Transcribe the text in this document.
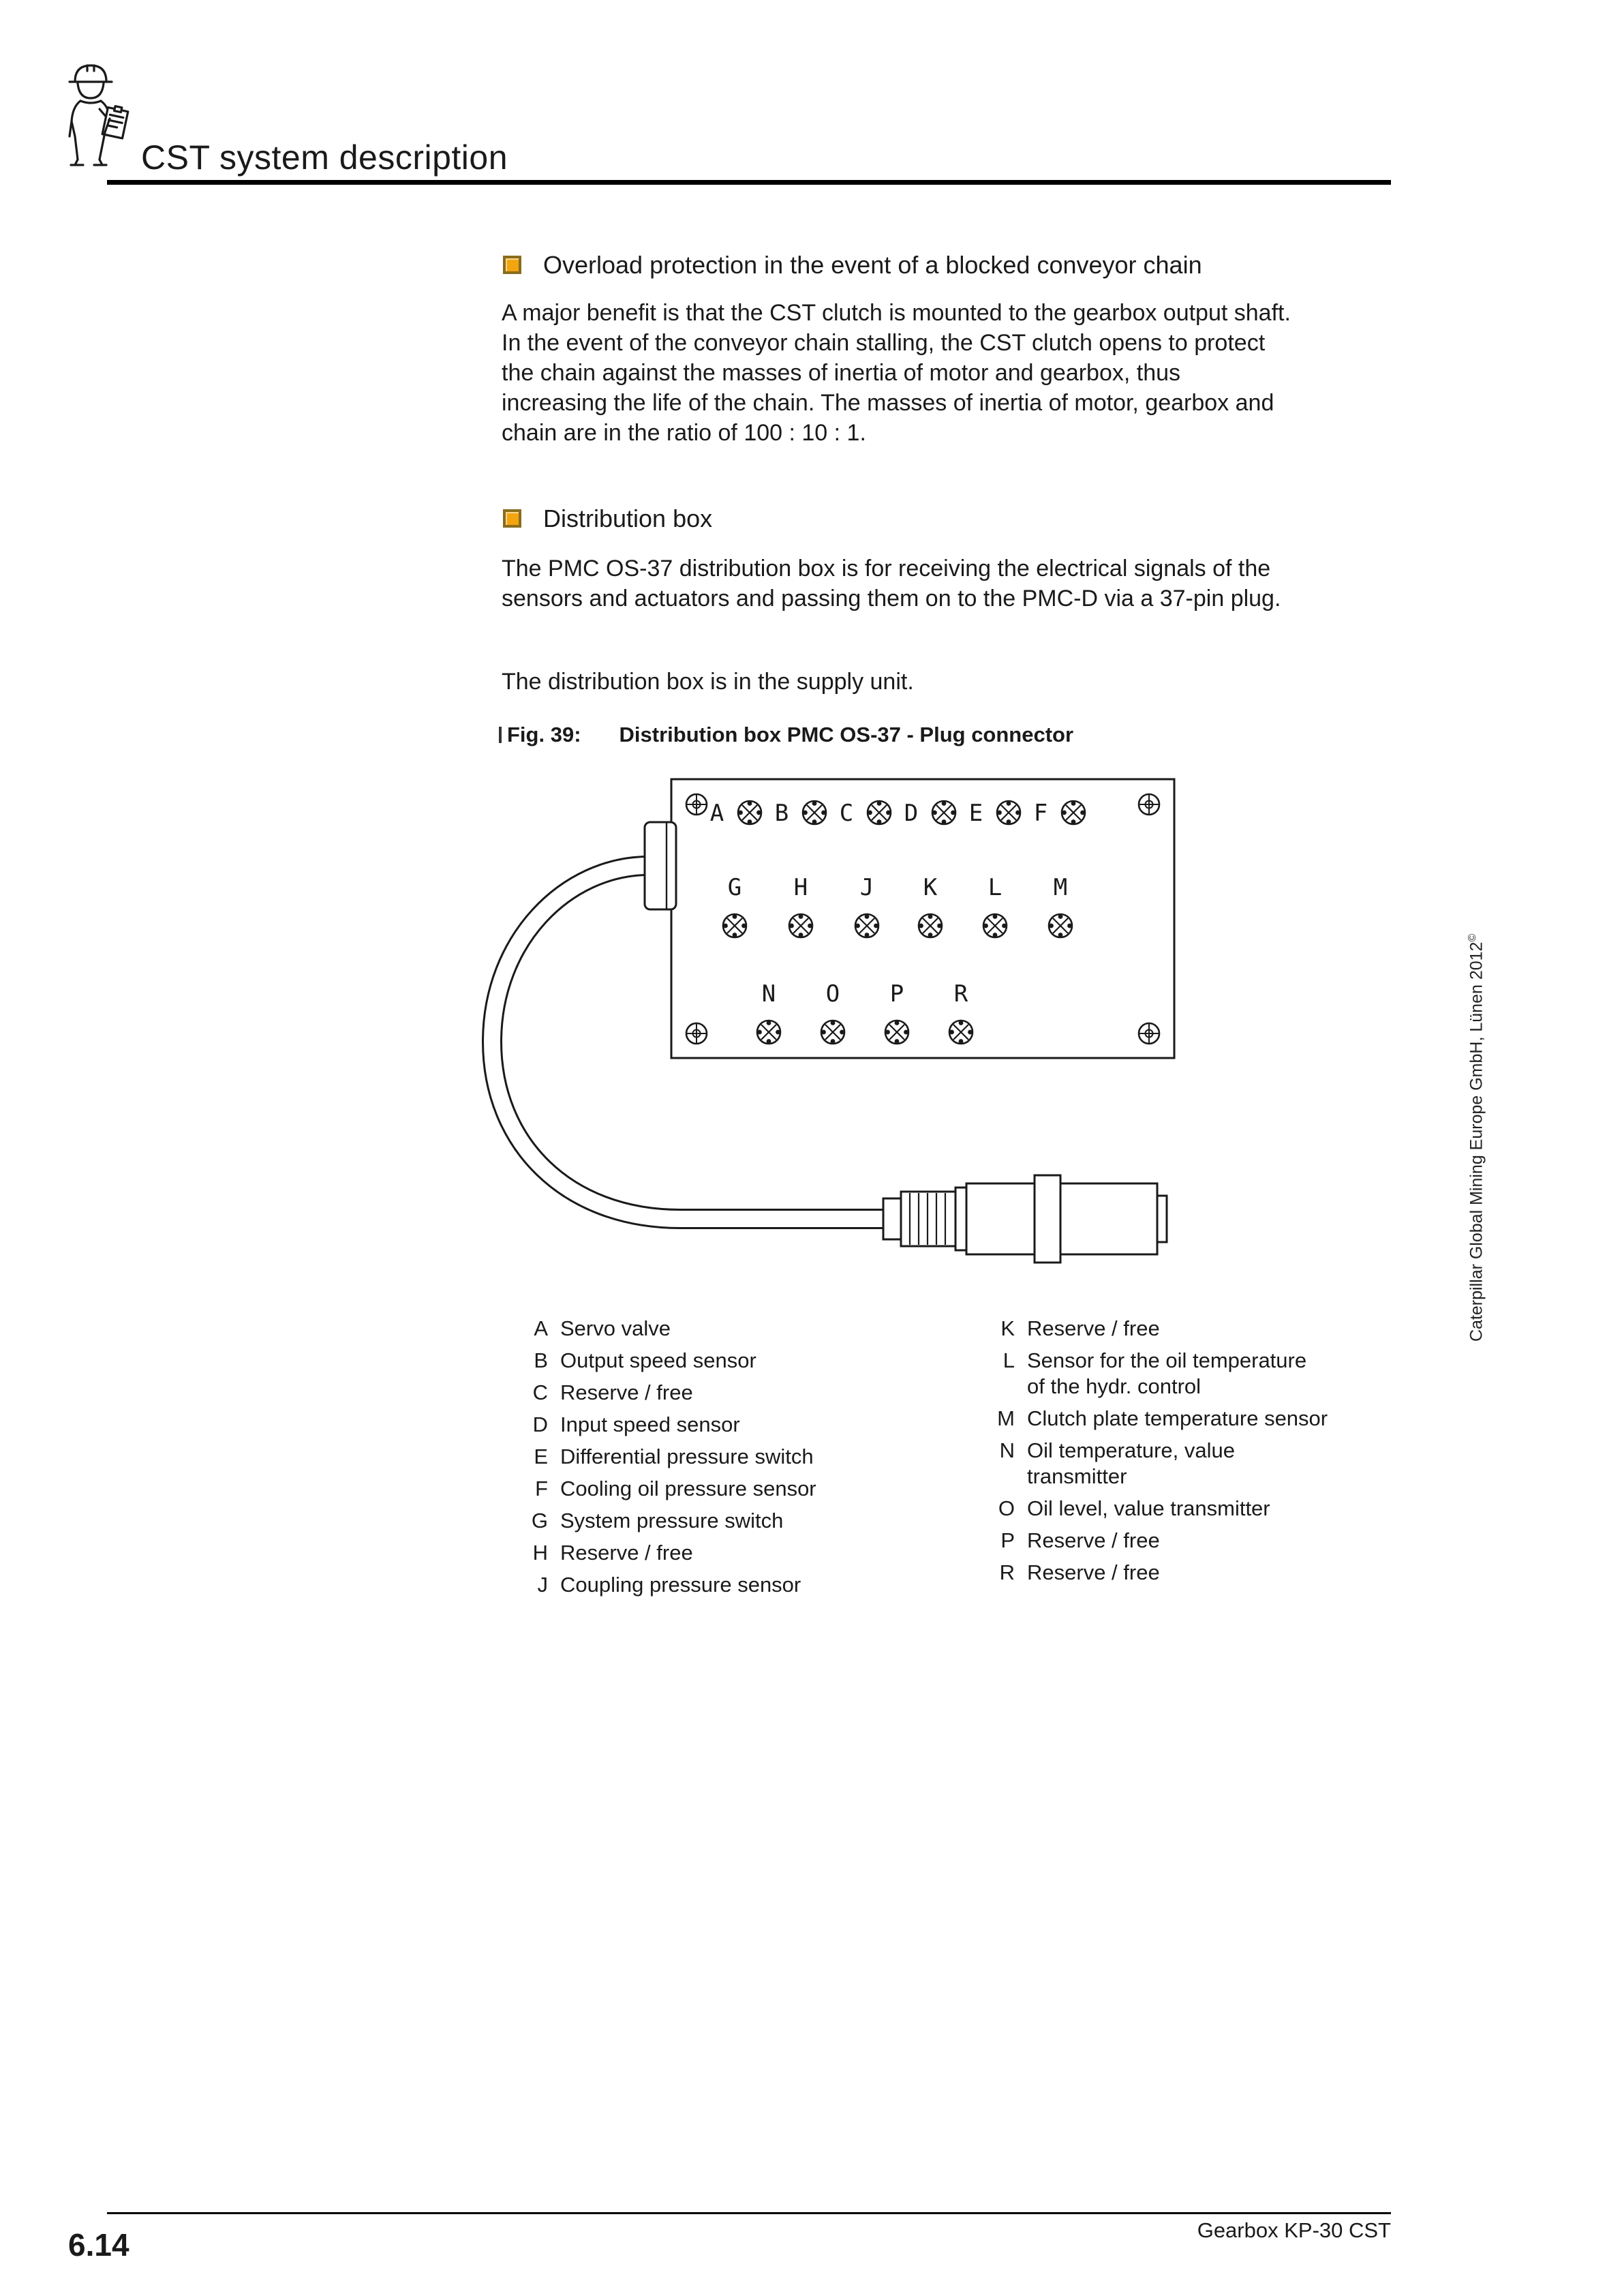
CST system description
Overload protection in the event of a blocked conveyor chain

A major benefit is that the CST clutch is mounted to the gearbox output shaft. In the event of the conveyor chain stalling, the CST clutch opens to protect the chain against the masses of inertia of motor and gearbox, thus increasing the life of the chain. The masses of inertia of motor, gearbox and chain are in the ratio of 100 : 10 : 1.

Distribution box

The PMC OS-37 distribution box is for receiving the electrical signals of the sensors and actuators and passing them on to the PMC-D via a 37-pin plug.

The distribution box is in the supply unit.

Fig. 39: Distribution box PMC OS-37 - Plug connector
A B C D E F
G H J K L M
N O P R
A Servo valve
B Output speed sensor
C Reserve / free
D Input speed sensor
E Differential pressure switch
F Cooling oil pressure sensor
G System pressure switch
H Reserve / free
J Coupling pressure sensor
K Reserve / free
L Sensor for the oil temperature
of the hydr. control
M Clutch plate temperature sensor
N Oil temperature, value
transmitter
O Oil level, value transmitter
P Reserve / free
R Reserve / free
Caterpillar Global Mining Europe GmbH, Lünen 2012©
Gearbox KP-30 CST
6.14
